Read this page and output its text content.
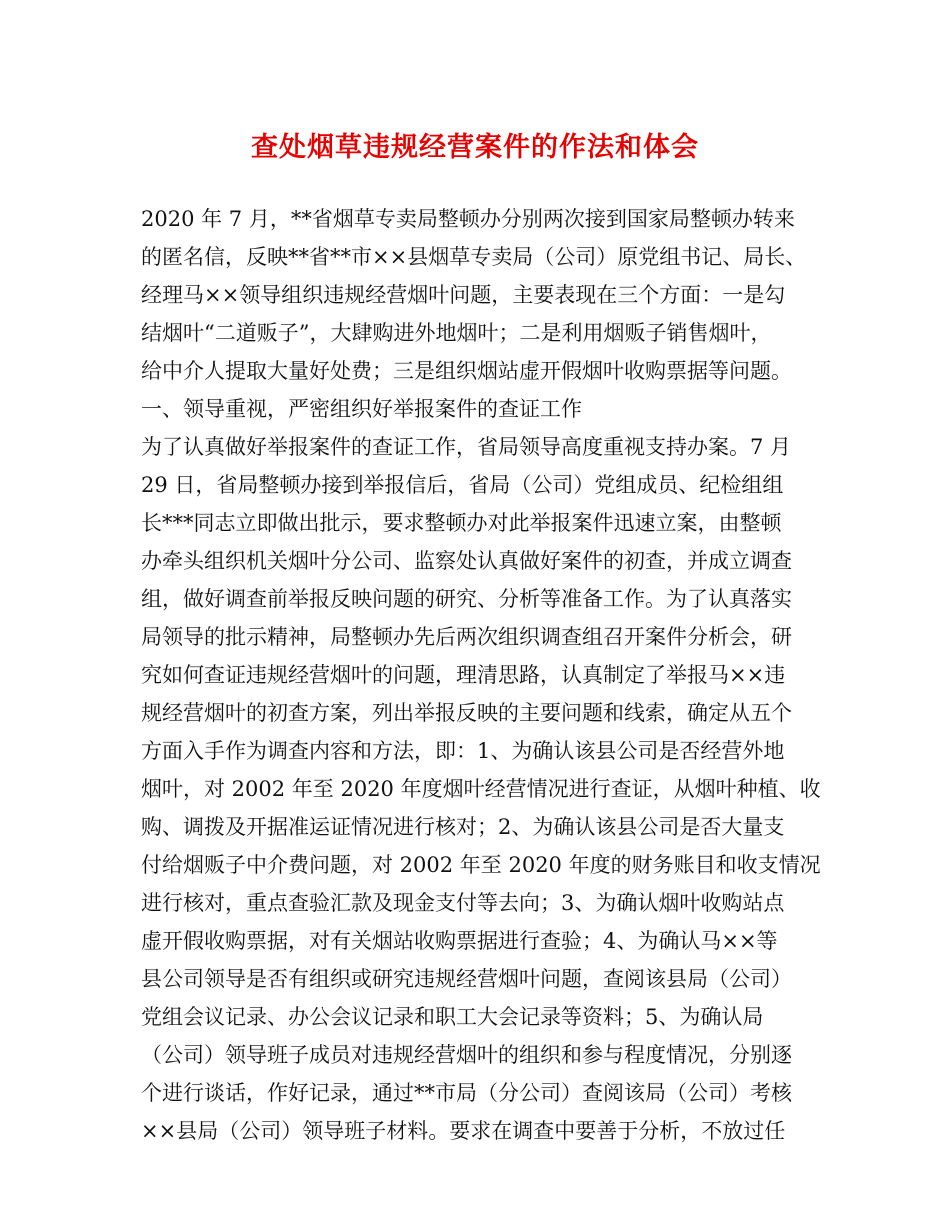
查处烟草违规经营案件的作法和体会
2020 年 7 月，**省烟草专卖局整顿办分别两次接到国家局整顿办转来
的匿名信，反映**省**市××县烟草专卖局（公司）原党组书记、局长、
经理马××领导组织违规经营烟叶问题，主要表现在三个方面：一是勾
结烟叶“二道贩子”，大肆购进外地烟叶；二是利用烟贩子销售烟叶，
给中介人提取大量好处费；三是组织烟站虚开假烟叶收购票据等问题。
一、领导重视，严密组织好举报案件的查证工作
为了认真做好举报案件的查证工作，省局领导高度重视支持办案。7 月
29 日，省局整顿办接到举报信后，省局（公司）党组成员、纪检组组
长***同志立即做出批示，要求整顿办对此举报案件迅速立案，由整顿
办牵头组织机关烟叶分公司、监察处认真做好案件的初查，并成立调查
组，做好调查前举报反映问题的研究、分析等准备工作。为了认真落实
局领导的批示精神，局整顿办先后两次组织调查组召开案件分析会，研
究如何查证违规经营烟叶的问题，理清思路，认真制定了举报马××违
规经营烟叶的初查方案，列出举报反映的主要问题和线索，确定从五个
方面入手作为调查内容和方法，即：1、为确认该县公司是否经营外地
烟叶，对 2002 年至 2020 年度烟叶经营情况进行查证，从烟叶种植、收
购、调拨及开据准运证情况进行核对；2、为确认该县公司是否大量支
付给烟贩子中介费问题，对 2002 年至 2020 年度的财务账目和收支情况
进行核对，重点查验汇款及现金支付等去向；3、为确认烟叶收购站点
虚开假收购票据，对有关烟站收购票据进行查验；4、为确认马××等
县公司领导是否有组织或研究违规经营烟叶问题，查阅该县局（公司）
党组会议记录、办公会议记录和职工大会记录等资料；5、为确认局
（公司）领导班子成员对违规经营烟叶的组织和参与程度情况，分别逐
个进行谈话，作好记录，通过**市局（分公司）查阅该局（公司）考核
××县局（公司）领导班子材料。要求在调查中要善于分析，不放过任
